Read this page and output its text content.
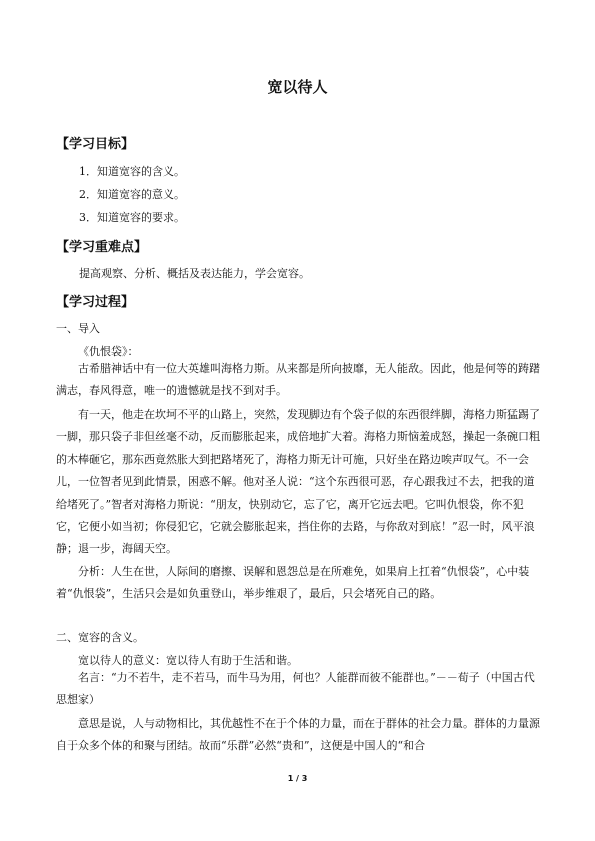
宽以待人
【学习目标】
1．知道宽容的含义。
2．知道宽容的意义。
3．知道宽容的要求。
【学习重难点】
提高观察、分析、概括及表达能力，学会宽容。
【学习过程】
一、导入
《仇恨袋》：
古希腊神话中有一位大英雄叫海格力斯。从来都是所向披靡，无人能敌。因此，他是何等的踌躇满志，春风得意，唯一的遗憾就是找不到对手。
有一天，他走在坎坷不平的山路上，突然，发现脚边有个袋子似的东西很绊脚，海格力斯猛踢了一脚，那只袋子非但丝毫不动，反而膨胀起来，成倍地扩大着。海格力斯恼羞成怒，操起一条碗口粗的木棒砸它，那东西竟然胀大到把路堵死了，海格力斯无计可施，只好坐在路边唉声叹气。不一会儿，一位智者见到此情景，困惑不解。他对圣人说：“这个东西很可恶，存心跟我过不去，把我的道给堵死了。”智者对海格力斯说：“朋友，快别动它，忘了它，离开它远去吧。它叫仇恨袋，你不犯它，它便小如当初；你侵犯它，它就会膨胀起来，挡住你的去路，与你敌对到底！”忍一时，风平浪静；退一步，海阔天空。
分析：人生在世，人际间的磨擦、误解和恩怨总是在所难免，如果肩上扛着“仇恨袋”，心中装着“仇恨袋”，生活只会是如负重登山，举步维艰了，最后，只会堵死自己的路。
二、宽容的含义。
宽以待人的意义：宽以待人有助于生活和谐。
名言：“力不若牛，走不若马，而牛马为用，何也？人能群而彼不能群也。”－－荀子（中国古代思想家）
意思是说，人与动物相比，其优越性不在于个体的力量，而在于群体的社会力量。群体的力量源自于众多个体的和聚与团结。故而“乐群”必然“贵和”，这便是中国人的“和合
1 / 3
